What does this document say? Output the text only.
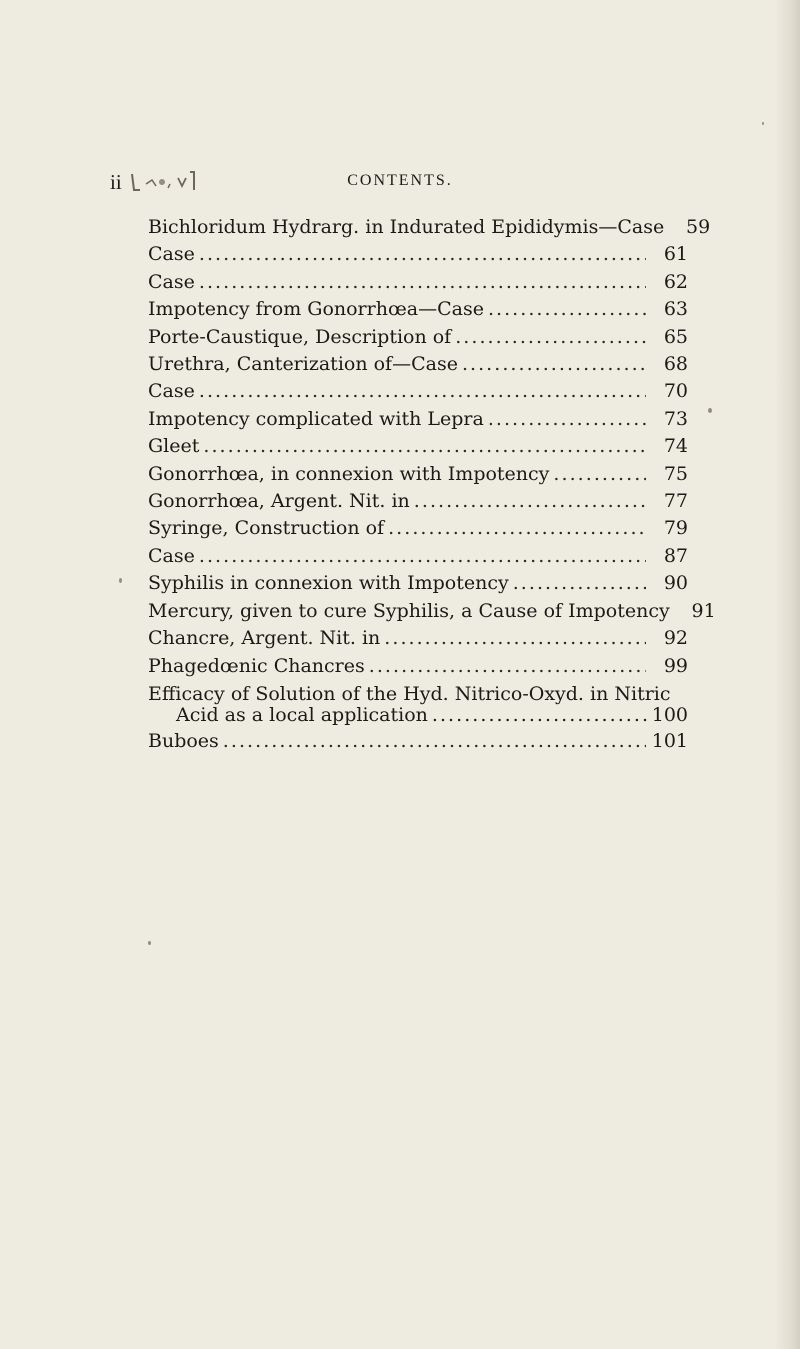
ii	CONTENTS.
Bichloridum Hydrarg. in Indurated Epididymis—Case	59
Case . . .	61
Case . . .	62
Impotency from Gonorrhœa—Case . . .	63
Porte-Caustique, Description of . . .	65
Urethra, Canterization of—Case . . .	68
Case . . .	70
Impotency complicated with Lepra . . .	73
Gleet . . .	74
Gonorrhœa, in connexion with Impotency . . .	75
Gonorrhœa, Argent. Nit. in . . .	77
Syringe, Construction of . . .	79
Case . . .	87
Syphilis in connexion with Impotency . . .	90
Mercury, given to cure Syphilis, a Cause of Impotency	91
Chancre, Argent. Nit. in . . .	92
Phagedœnic Chancres . . .	99
Efficacy of Solution of the Hyd. Nitrico-Oxyd. in Nitric
Acid as a local application . . .	100
Buboes . . .	101
